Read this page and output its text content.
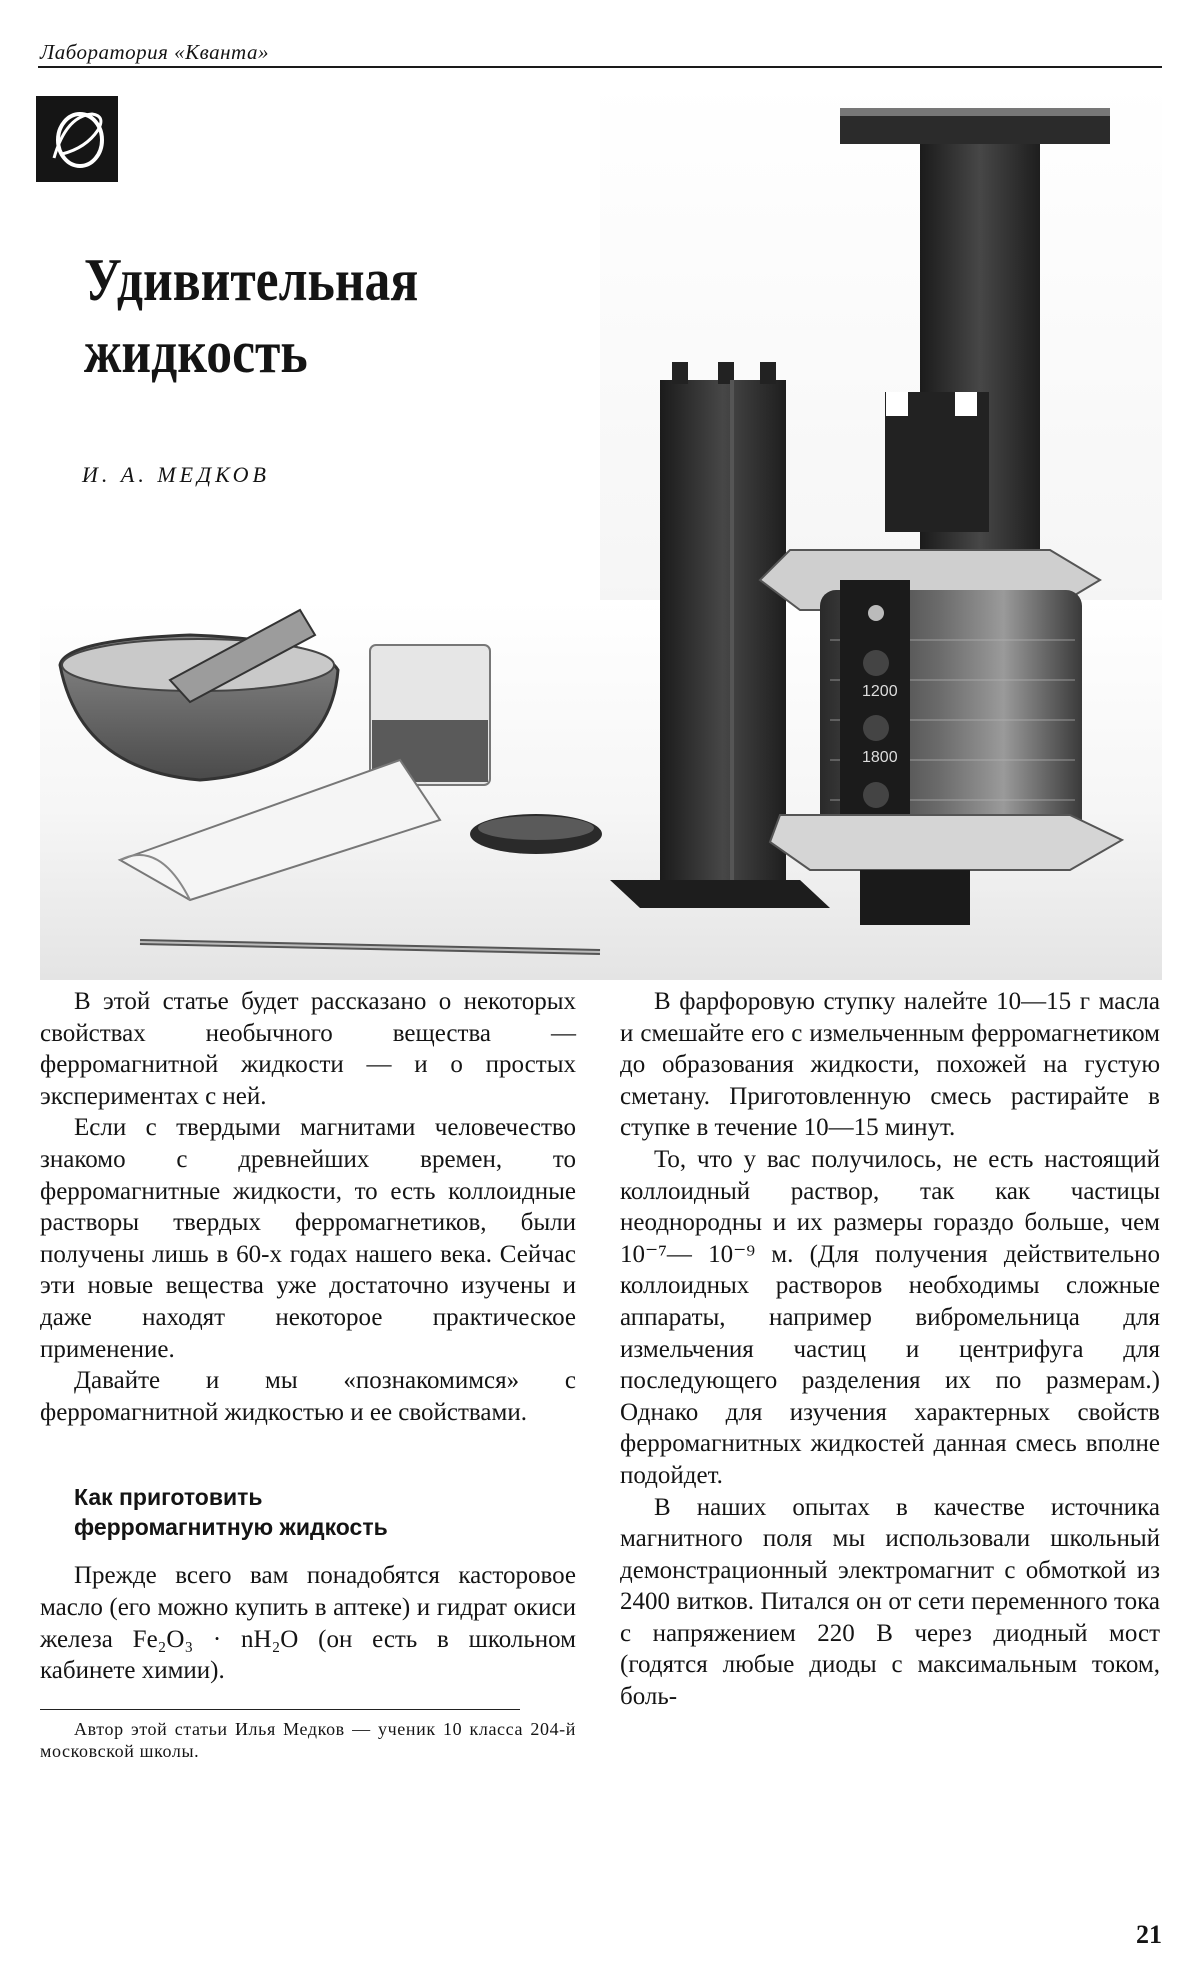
Лаборатория «Кванта»
1200
1800
Удивительная
жидкость
И. А. МЕДКОВ

В этой статье будет рассказано о некоторых свойствах необычного вещества — ферромагнитной жидкости — и о простых экспериментах с ней.

Если с твердыми магнитами человечество знакомо с древнейших времен, то ферромагнитные жидкости, то есть коллоидные растворы твердых ферромагнетиков, были получены лишь в 60-х годах нашего века. Сейчас эти новые вещества уже достаточно изучены и даже находят некоторое практическое применение.

Давайте и мы «познакомимся» с ферромагнитной жидкостью и ее свойствами.

Как приготовить
ферромагнитную жидкость

Прежде всего вам понадобятся касторовое масло (его можно купить в аптеке) и гидрат окиси железа Fe₂O₃ · nH₂O (он есть в школьном кабинете химии).

Автор этой статьи Илья Медков — ученик 10 класса 204-й московской школы.

В фарфоровую ступку налейте 10—15 г масла и смешайте его с измельченным ферромагнетиком до образования жидкости, похожей на густую сметану. Приготовленную смесь растирайте в ступке в течение 10—15 минут.

То, что у вас получилось, не есть настоящий коллоидный раствор, так как частицы неоднородны и их размеры гораздо больше, чем 10⁻⁷— 10⁻⁹ м. (Для получения действительно коллоидных растворов необходимы сложные аппараты, например вибромельница для измельчения частиц и центрифуга для последующего разделения их по размерам.) Однако для изучения характерных свойств ферромагнитных жидкостей данная смесь вполне подойдет.

В наших опытах в качестве источника магнитного поля мы использовали школьный демонстрационный электромагнит с обмоткой из 2400 витков. Питался он от сети переменного тока с напряжением 220 В через диодный мост (годятся любые диоды с максимальным током, боль-

21
